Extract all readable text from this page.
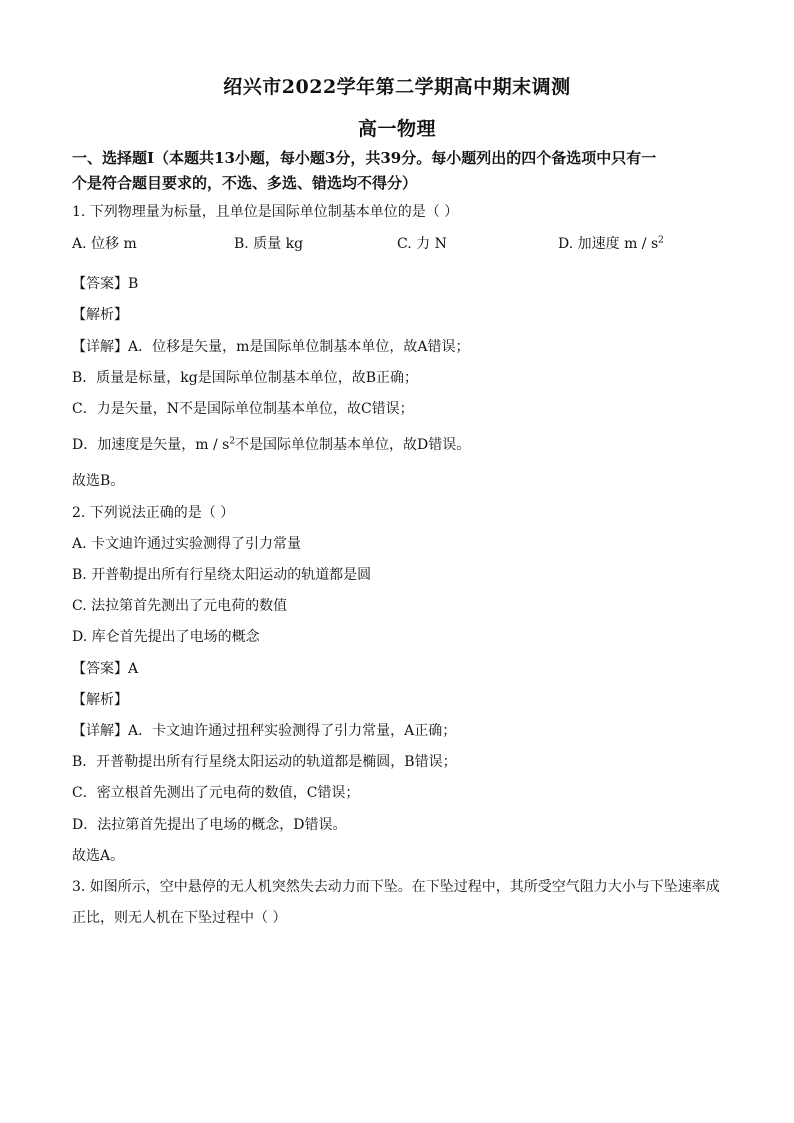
绍兴市2022学年第二学期高中期末调测
高一物理
一、选择题Ⅰ（本题共13小题，每小题3分，共39分。每小题列出的四个备选项中只有一
个是符合题目要求的，不选、多选、错选均不得分）
1. 下列物理量为标量，且单位是国际单位制基本单位的是（ ）
A. 位移 m	B. 质量 kg	C. 力 N	D. 加速度 m / $s^2$
【答案】B
【解析】
【详解】A．位移是矢量，m是国际单位制基本单位，故A错误；
B．质量是标量，kg是国际单位制基本单位，故B正确；
C．力是矢量，N不是国际单位制基本单位，故C错误；
D．加速度是矢量，m / $s^2$不是国际单位制基本单位，故D错误。
故选B。
2. 下列说法正确的是（ ）
A. 卡文迪许通过实验测得了引力常量
B. 开普勒提出所有行星绕太阳运动的轨道都是圆
C. 法拉第首先测出了元电荷的数值
D. 库仑首先提出了电场的概念
【答案】A
【解析】
【详解】A．卡文迪许通过扭秤实验测得了引力常量，A正确；
B．开普勒提出所有行星绕太阳运动的轨道都是椭圆，B错误；
C．密立根首先测出了元电荷的数值，C错误；
D．法拉第首先提出了电场的概念，D错误。
故选A。
3. 如图所示，空中悬停的无人机突然失去动力而下坠。在下坠过程中，其所受空气阻力大小与下坠速率成
正比，则无人机在下坠过程中（ ）
